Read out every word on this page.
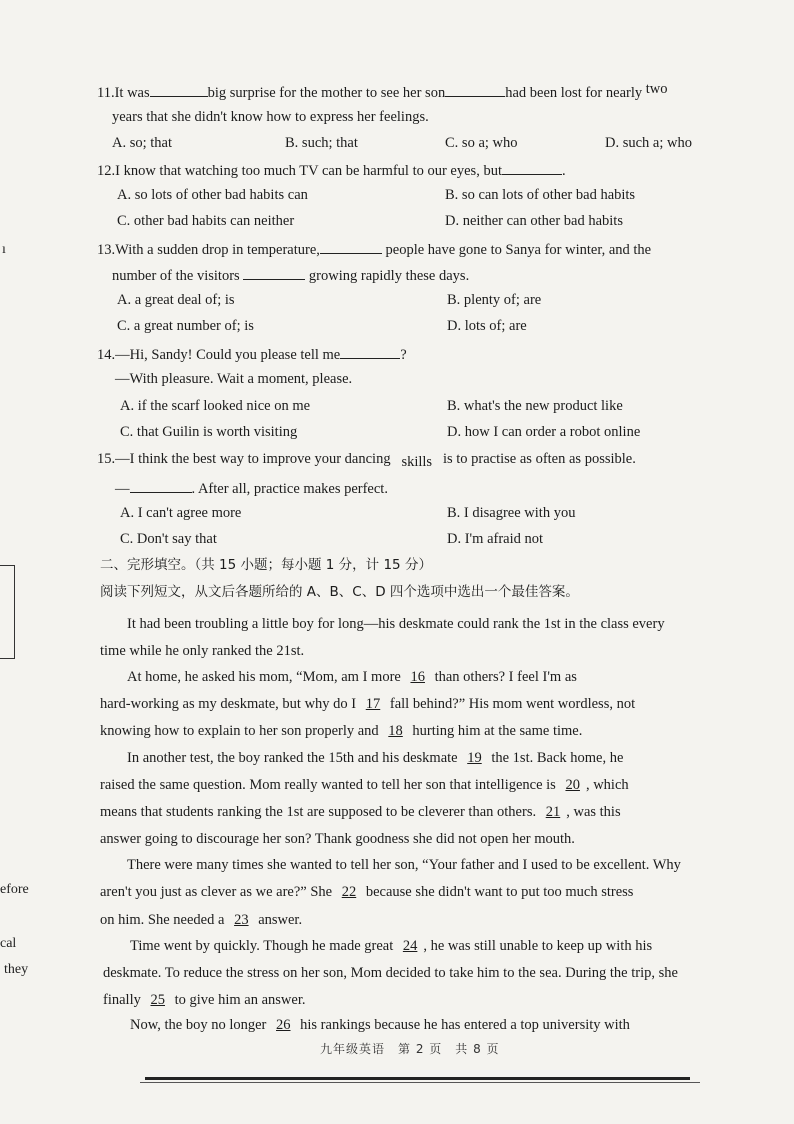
11.It was	big surprise for the mother to see her son	had been lost for nearly two
years that she didn't know how to express her feelings.
A. so; that	B. such; that	C. so a; who	D. such a; who
12.I know that watching too much TV can be harmful to our eyes, but	.
A. so lots of other bad habits can	B. so can lots of other bad habits
C. other bad habits can neither	D. neither can other bad habits
13.With a sudden drop in temperature,	people have gone to Sanya for winter, and the
number of the visitors	growing rapidly these days.
A. a great deal of; is	B. plenty of; are
C. a great number of; is	D. lots of; are
14.—Hi, Sandy! Could you please tell me	?
—With pleasure. Wait a moment, please.
A. if the scarf looked nice on me	B. what's the new product like
C. that Guilin is worth visiting	D. how I can order a robot online
15.—I think the best way to improve your dancing skills is to practise as often as possible.
—	. After all, practice makes perfect.
A. I can't agree more	B. I disagree with you
C. Don't say that	D. I'm afraid not
二、完形填空。（共 15 小题；每小题 1 分，计 15 分）
阅读下列短文，从文后各题所给的 A、B、C、D 四个选项中选出一个最佳答案。
It had been troubling a little boy for long—his deskmate could rank the 1st in the class every
time while he only ranked the 21st.
At home, he asked his mom, “Mom, am I more 16 than others? I feel I'm as
hard-working as my deskmate, but why do I 17 fall behind?” His mom went wordless, not
knowing how to explain to her son properly and 18 hurting him at the same time.
In another test, the boy ranked the 15th and his deskmate 19 the 1st. Back home, he
raised the same question. Mom really wanted to tell her son that intelligence is 20 , which
means that students ranking the 1st are supposed to be cleverer than others. 21 , was this
answer going to discourage her son? Thank goodness she did not open her mouth.
There were many times she wanted to tell her son, “Your father and I used to be excellent. Why
aren't you just as clever as we are?” She 22 because she didn't want to put too much stress
on him. She needed a 23 answer.
Time went by quickly. Though he made great 24 , he was still unable to keep up with his
deskmate. To reduce the stress on her son, Mom decided to take him to the sea. During the trip, she
finally 25 to give him an answer.
Now, the boy no longer 26 his rankings because he has entered a top university with
ı
efore
cal
they
九年级英语　第 2 页　共 8 页
